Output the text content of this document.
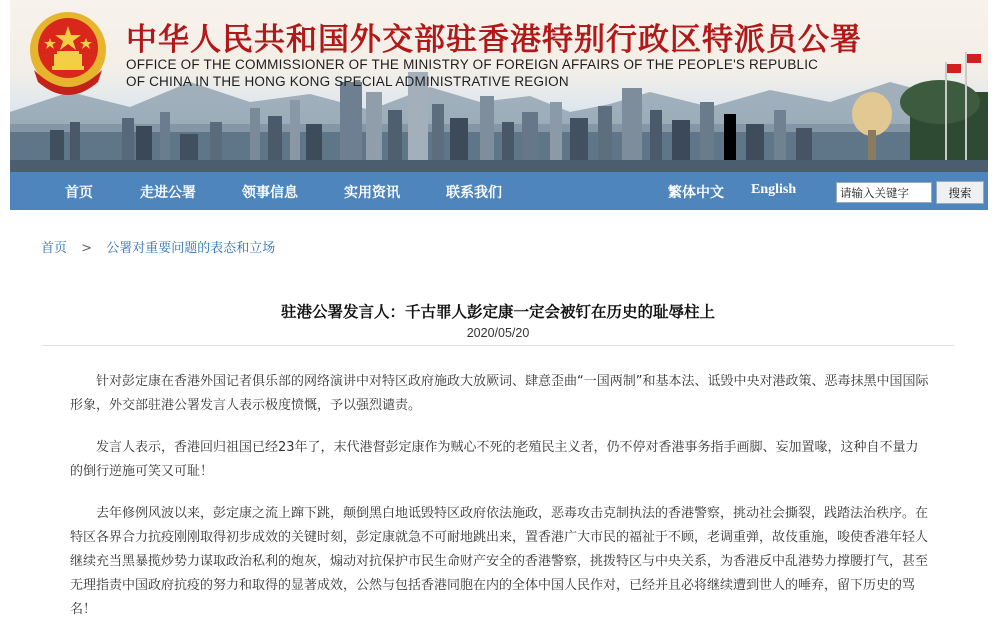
中华人民共和国外交部驻香港特别行政区特派员公署
OFFICE OF THE COMMISSIONER OF THE MINISTRY OF FOREIGN AFFAIRS OF THE PEOPLE'S REPUBLIC OF CHINA IN THE HONG KONG SPECIAL ADMINISTRATIVE REGION
首页	走进公署	领事信息	实用资讯	联系我们	繁体中文 English
请输入关键字	搜索
首页 > 公署对重要问题的表态和立场
驻港公署发言人：千古罪人彭定康一定会被钉在历史的耻辱柱上
2020/05/20

针对彭定康在香港外国记者俱乐部的网络演讲中对特区政府施政大放厥词、肆意歪曲“一国两制”和基本法、诋毁中央对港政策、恶毒抹黑中国国际形象，外交部驻港公署发言人表示极度愤慨，予以强烈谴责。

发言人表示，香港回归祖国已经23年了，末代港督彭定康作为贼心不死的老殖民主义者，仍不停对香港事务指手画脚、妄加置喙，这种自不量力的倒行逆施可笑又可耻！

去年修例风波以来，彭定康之流上蹿下跳，颠倒黑白地诋毁特区政府依法施政，恶毒攻击克制执法的香港警察，挑动社会撕裂，践踏法治秩序。在特区各界合力抗疫刚刚取得初步成效的关键时刻，彭定康就急不可耐地跳出来，置香港广大市民的福祉于不顾，老调重弹，故伎重施，唆使香港年轻人继续充当黑暴揽炒势力谋取政治私利的炮灰，煽动对抗保护市民生命财产安全的香港警察，挑拨特区与中央关系，为香港反中乱港势力撑腰打气，甚至无理指责中国政府抗疫的努力和取得的显著成效，公然与包括香港同胞在内的全体中国人民作对，已经并且必将继续遭到世人的唾弃，留下历史的骂名！
